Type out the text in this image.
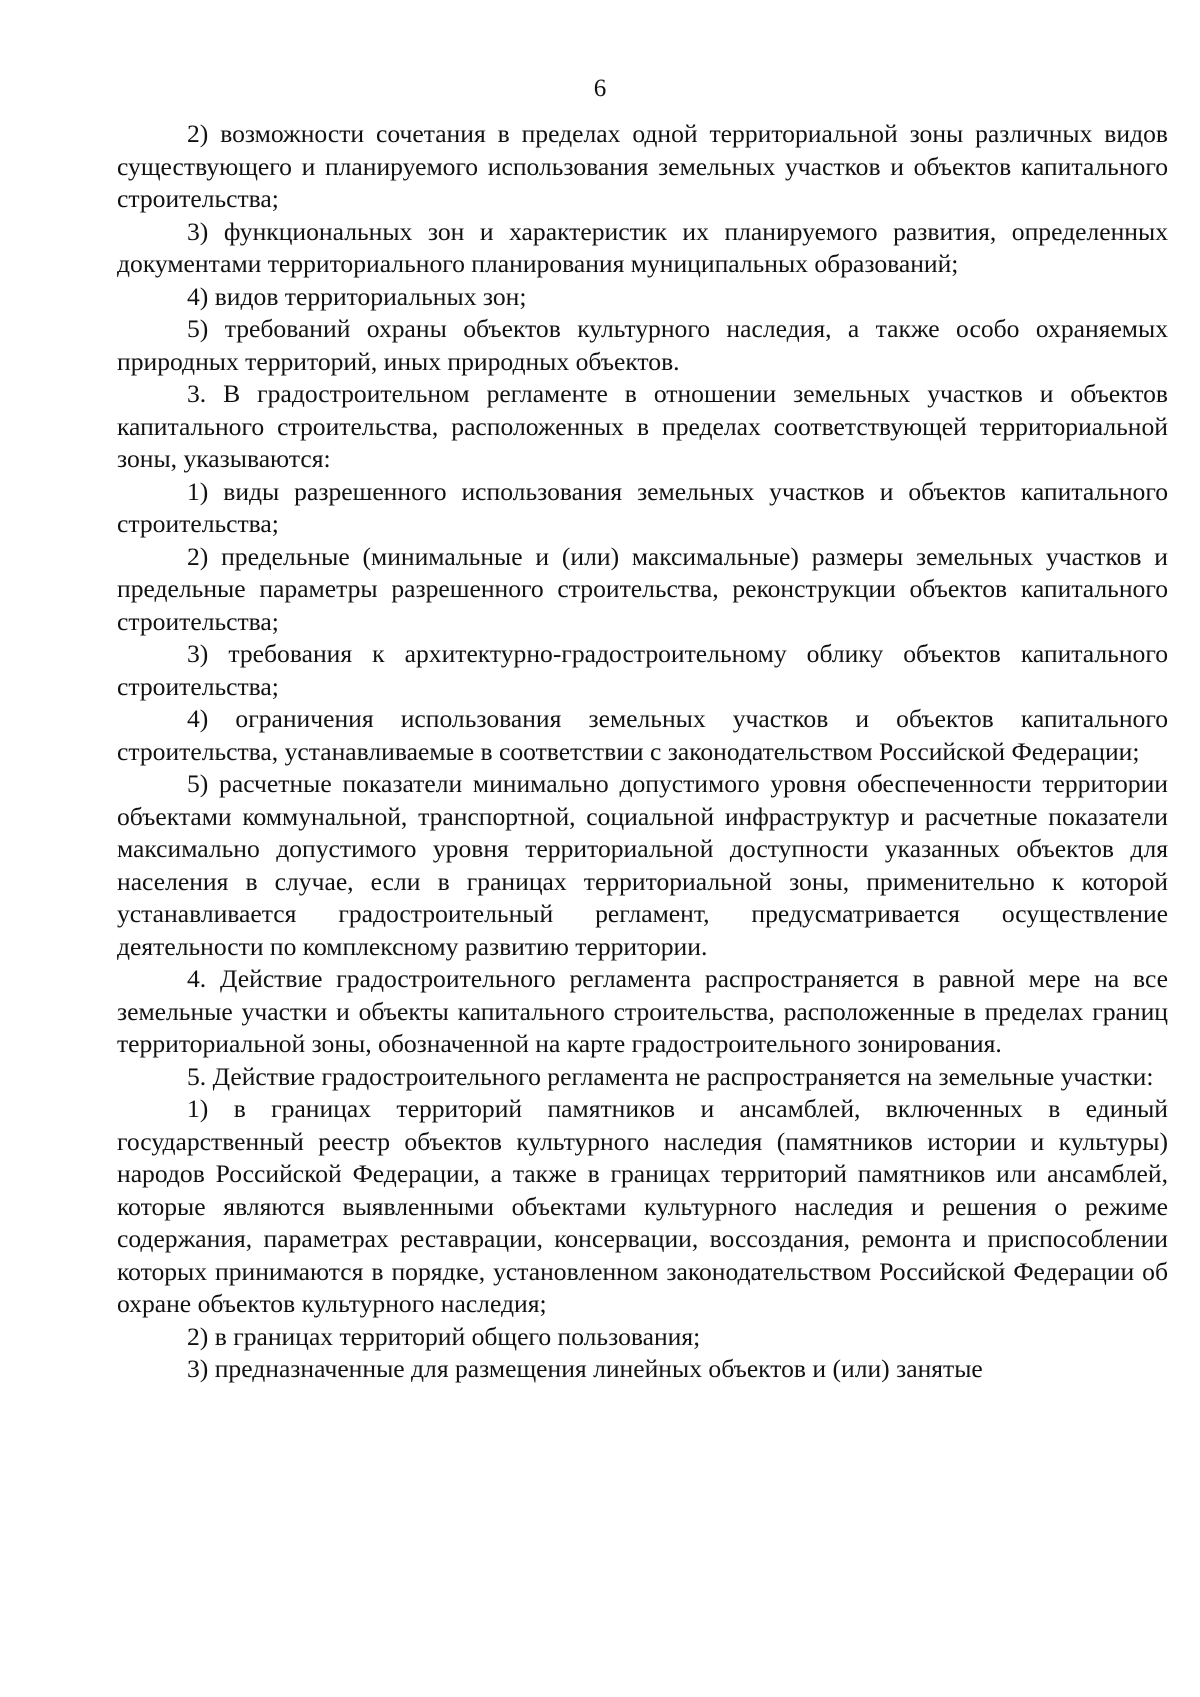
6

2) возможности сочетания в пределах одной территориальной зоны различных видов существующего и планируемого использования земельных участков и объектов капитального строительства;

3) функциональных зон и характеристик их планируемого развития, определенных документами территориального планирования муниципальных образований;

4) видов территориальных зон;

5) требований охраны объектов культурного наследия, а также особо охраняемых природных территорий, иных природных объектов.

3. В градостроительном регламенте в отношении земельных участков и объектов капитального строительства, расположенных в пределах соответствующей территориальной зоны, указываются:

1) виды разрешенного использования земельных участков и объектов капитального строительства;

2) предельные (минимальные и (или) максимальные) размеры земельных участков и предельные параметры разрешенного строительства, реконструкции объектов капитального строительства;

3) требования к архитектурно-градостроительному облику объектов капитального строительства;

4) ограничения использования земельных участков и объектов капитального строительства, устанавливаемые в соответствии с законодательством Российской Федерации;

5) расчетные показатели минимально допустимого уровня обеспеченности территории объектами коммунальной, транспортной, социальной инфраструктур и расчетные показатели максимально допустимого уровня территориальной доступности указанных объектов для населения в случае, если в границах территориальной зоны, применительно к которой устанавливается градостроительный регламент, предусматривается осуществление деятельности по комплексному развитию территории.

4. Действие градостроительного регламента распространяется в равной мере на все земельные участки и объекты капитального строительства, расположенные в пределах границ территориальной зоны, обозначенной на карте градостроительного зонирования.

5. Действие градостроительного регламента не распространяется на земельные участки:

1) в границах территорий памятников и ансамблей, включенных в единый государственный реестр объектов культурного наследия (памятников истории и культуры) народов Российской Федерации, а также в границах территорий памятников или ансамблей, которые являются выявленными объектами культурного наследия и решения о режиме содержания, параметрах реставрации, консервации, воссоздания, ремонта и приспособлении которых принимаются в порядке, установленном законодательством Российской Федерации об охране объектов культурного наследия;

2) в границах территорий общего пользования;

3) предназначенные для размещения линейных объектов и (или) занятые
